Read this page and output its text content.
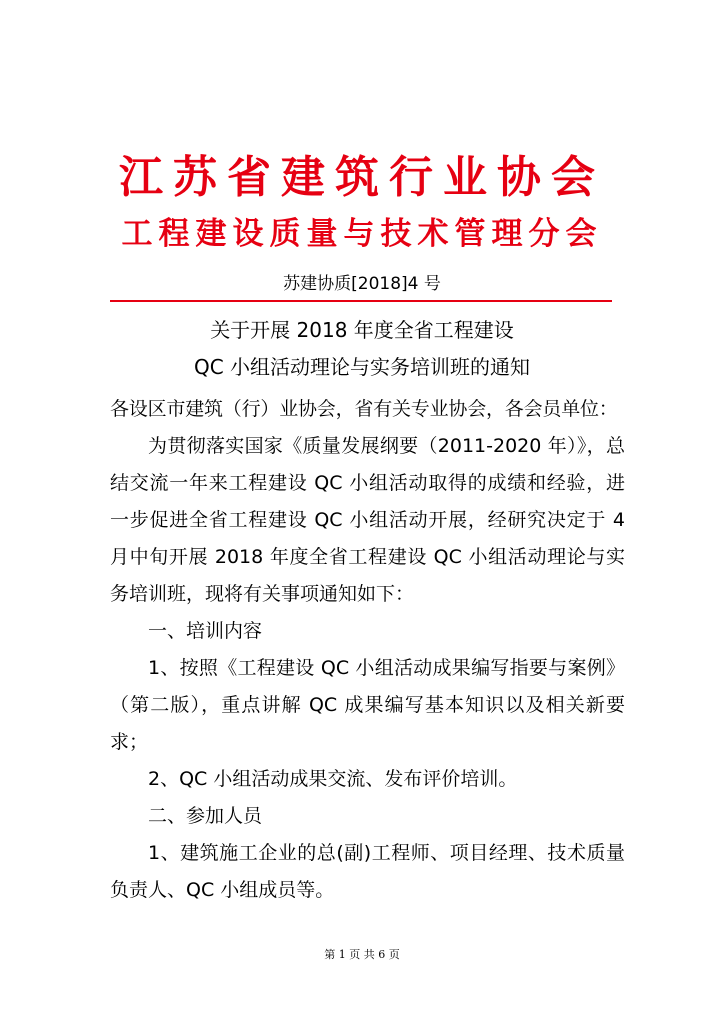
江苏省建筑行业协会
工程建设质量与技术管理分会
苏建协质[2018]4 号
关于开展 2018 年度全省工程建设
QC 小组活动理论与实务培训班的通知

各设区市建筑（行）业协会，省有关专业协会，各会员单位：

为贯彻落实国家《质量发展纲要（2011-2020 年）》，总结交流一年来工程建设 QC 小组活动取得的成绩和经验，进一步促进全省工程建设 QC 小组活动开展，经研究决定于 4 月中旬开展 2018 年度全省工程建设 QC 小组活动理论与实务培训班，现将有关事项通知如下：

一、培训内容

1、按照《工程建设 QC 小组活动成果编写指要与案例》（第二版），重点讲解 QC 成果编写基本知识以及相关新要求；

2、QC 小组活动成果交流、发布评价培训。

二、参加人员

1、建筑施工企业的总(副)工程师、项目经理、技术质量负责人、QC 小组成员等。

第 1 页 共 6 页
